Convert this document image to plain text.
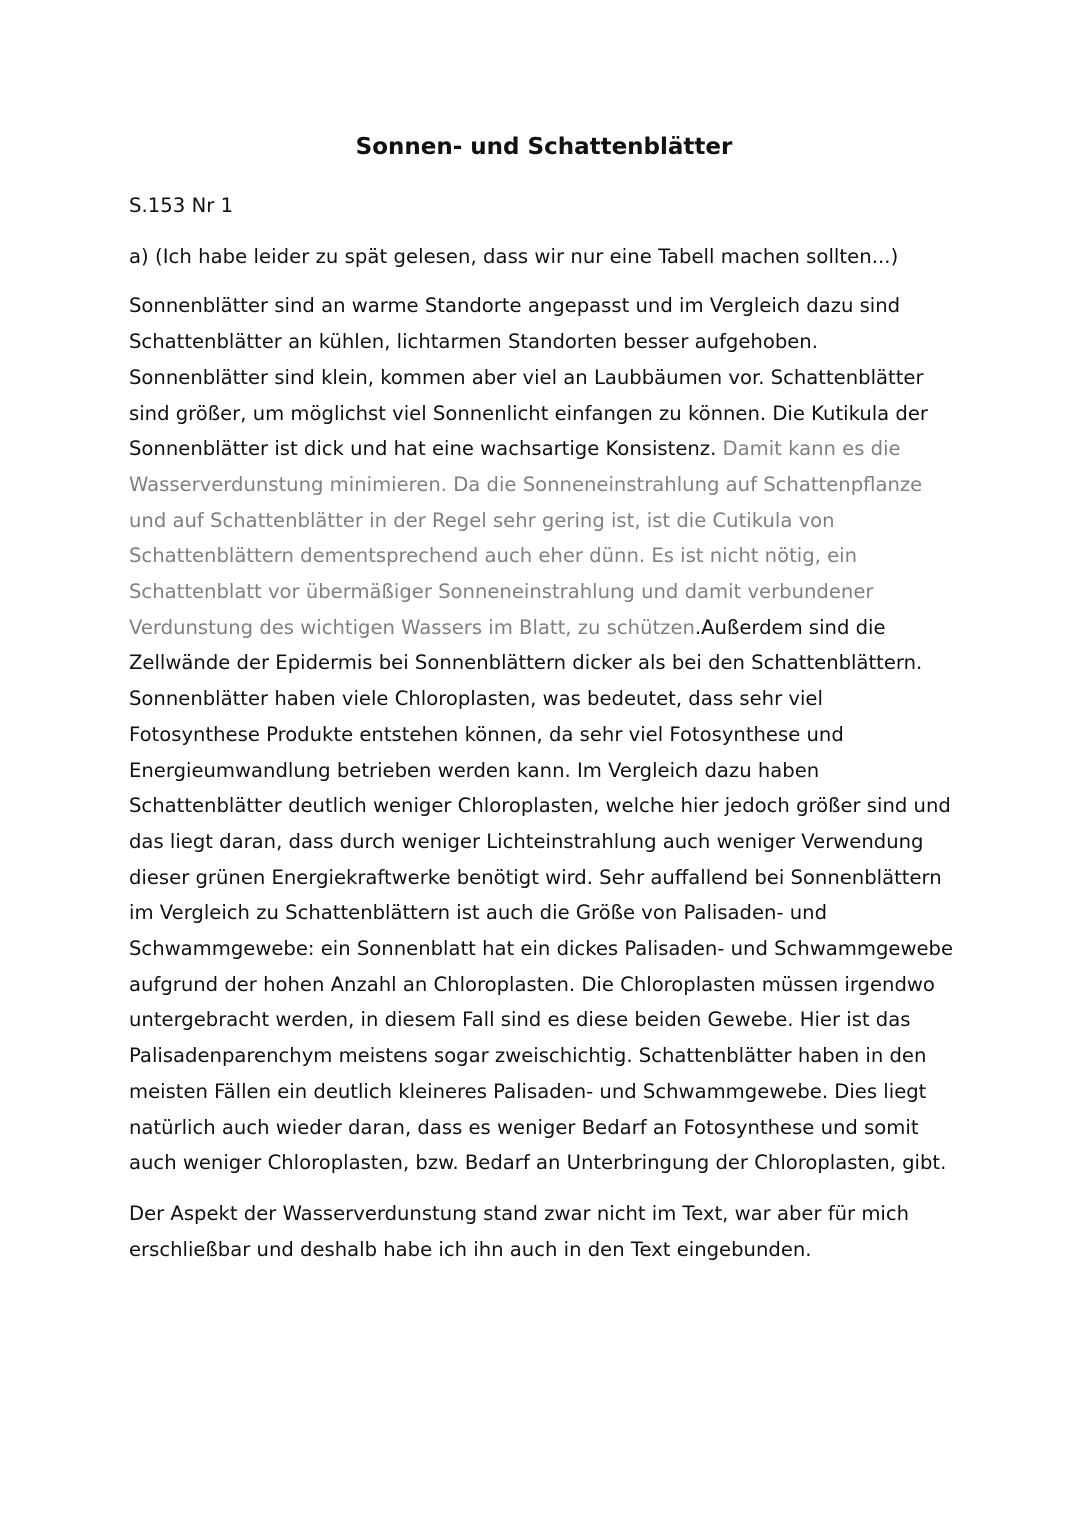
Sonnen- und Schattenblätter

S.153 Nr 1

a) (Ich habe leider zu spät gelesen, dass wir nur eine Tabell machen sollten...)

Sonnenblätter sind an warme Standorte angepasst und im Vergleich dazu sind Schattenblätter an kühlen, lichtarmen Standorten besser aufgehoben. Sonnenblätter sind klein, kommen aber viel an Laubbäumen vor. Schattenblätter sind größer, um möglichst viel Sonnenlicht einfangen zu können. Die Kutikula der Sonnenblätter ist dick und hat eine wachsartige Konsistenz. Damit kann es die Wasserverdunstung minimieren. Da die Sonneneinstrahlung auf Schattenpflanze und auf Schattenblätter in der Regel sehr gering ist, ist die Cutikula von Schattenblättern dementsprechend auch eher dünn. Es ist nicht nötig, ein Schattenblatt vor übermäßiger Sonneneinstrahlung und damit verbundener Verdunstung des wichtigen Wassers im Blatt, zu schützen.Außerdem sind die Zellwände der Epidermis bei Sonnenblättern dicker als bei den Schattenblättern. Sonnenblätter haben viele Chloroplasten, was bedeutet, dass sehr viel Fotosynthese Produkte entstehen können, da sehr viel Fotosynthese und Energieumwandlung betrieben werden kann. Im Vergleich dazu haben Schattenblätter deutlich weniger Chloroplasten, welche hier jedoch größer sind und das liegt daran, dass durch weniger Lichteinstrahlung auch weniger Verwendung dieser grünen Energiekraftwerke benötigt wird. Sehr auffallend bei Sonnenblättern im Vergleich zu Schattenblättern ist auch die Größe von Palisaden- und Schwammgewebe: ein Sonnenblatt hat ein dickes Palisaden- und Schwammgewebe aufgrund der hohen Anzahl an Chloroplasten. Die Chloroplasten müssen irgendwo untergebracht werden, in diesem Fall sind es diese beiden Gewebe. Hier ist das Palisadenparenchym meistens sogar zweischichtig. Schattenblätter haben in den meisten Fällen ein deutlich kleineres Palisaden- und Schwammgewebe. Dies liegt natürlich auch wieder daran, dass es weniger Bedarf an Fotosynthese und somit auch weniger Chloroplasten, bzw. Bedarf an Unterbringung der Chloroplasten, gibt.

Der Aspekt der Wasserverdunstung stand zwar nicht im Text, war aber für mich erschließbar und deshalb habe ich ihn auch in den Text eingebunden.
